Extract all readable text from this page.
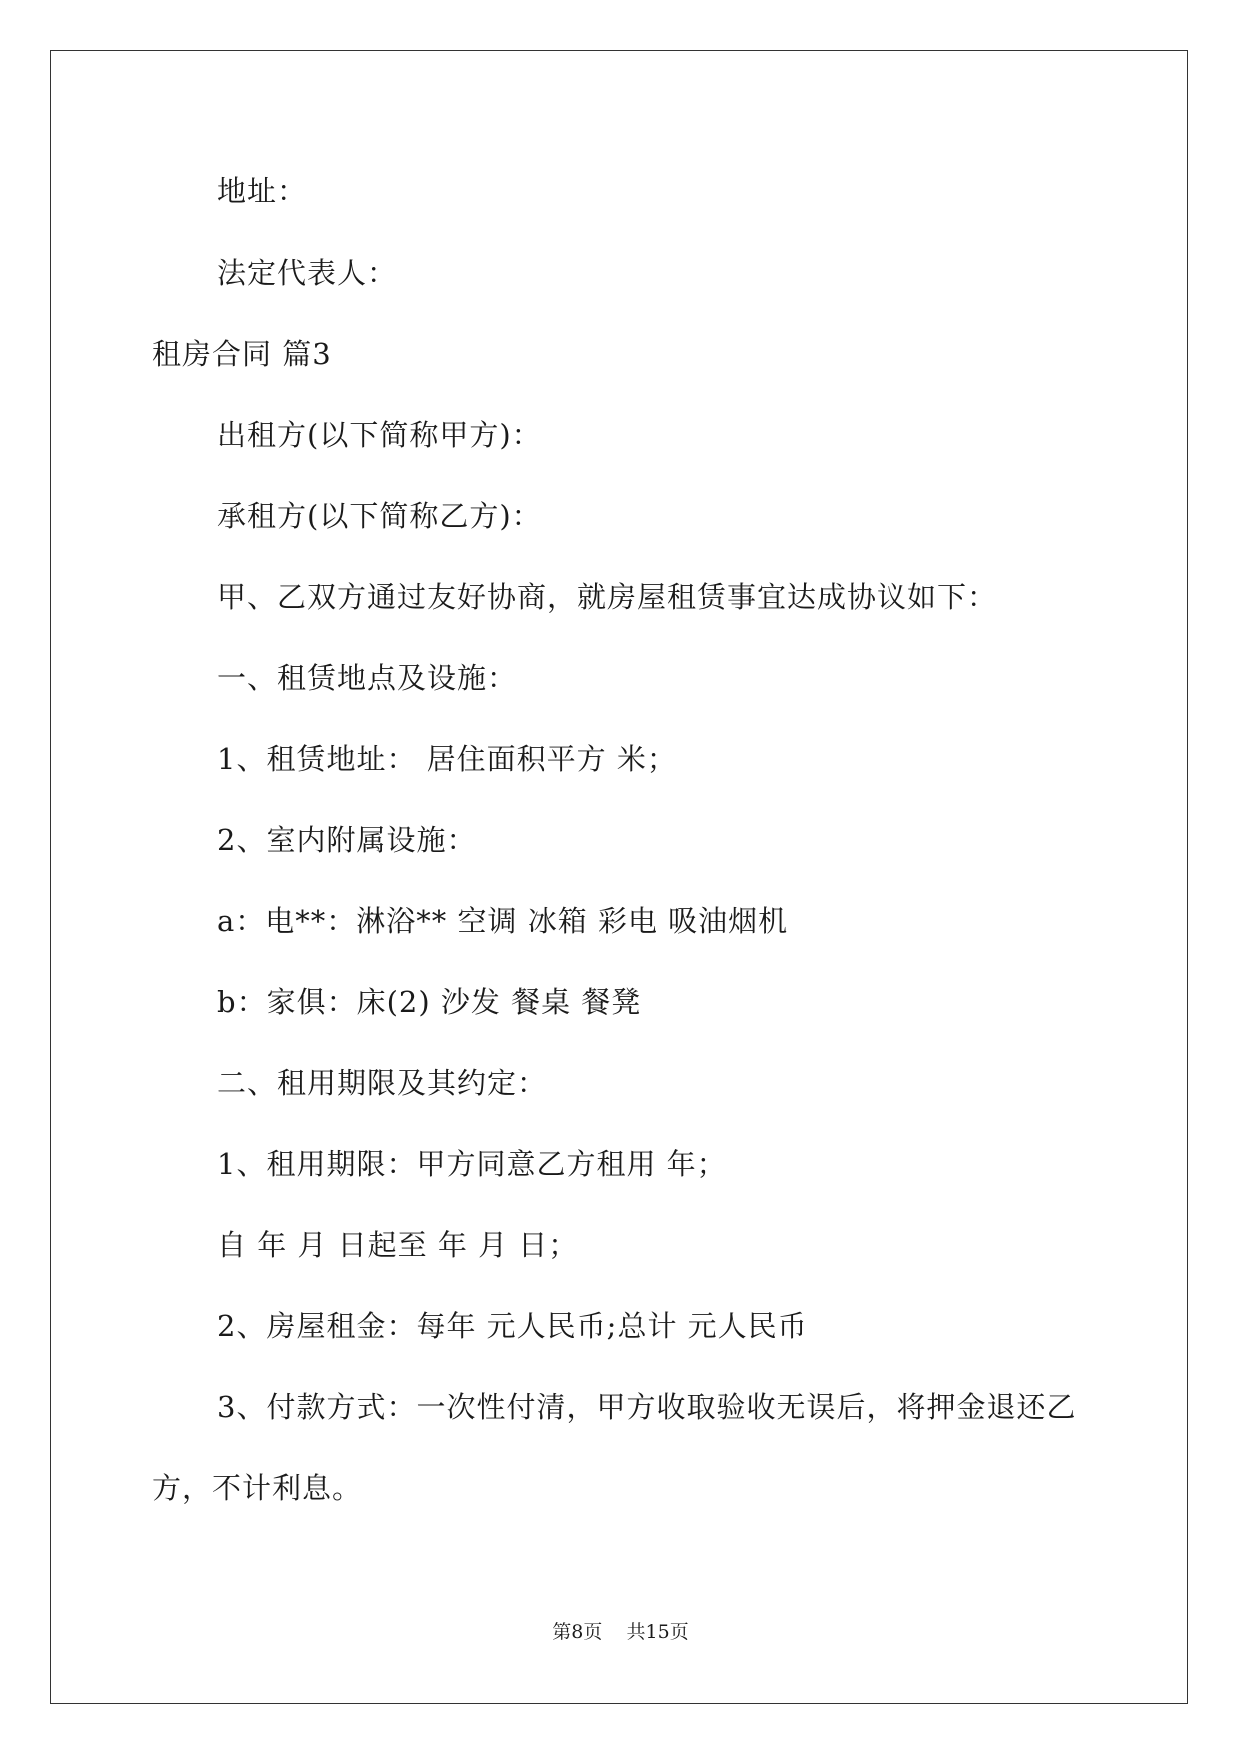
地址：
法定代表人：
租房合同 篇3
出租方(以下简称甲方)：
承租方(以下简称乙方)：
甲、乙双方通过友好协商，就房屋租赁事宜达成协议如下：
一、租赁地点及设施：
1、租赁地址： 居住面积平方 米；
2、室内附属设施：
a：电**：淋浴** 空调 冰箱 彩电 吸油烟机
b：家俱：床(2) 沙发 餐桌 餐凳
二、租用期限及其约定：
1、租用期限：甲方同意乙方租用 年；
自 年 月 日起至 年 月 日；
2、房屋租金：每年 元人民币;总计 元人民币
3、付款方式：一次性付清，甲方收取验收无误后，将押金退还乙
方，不计利息。
第8页    共15页
